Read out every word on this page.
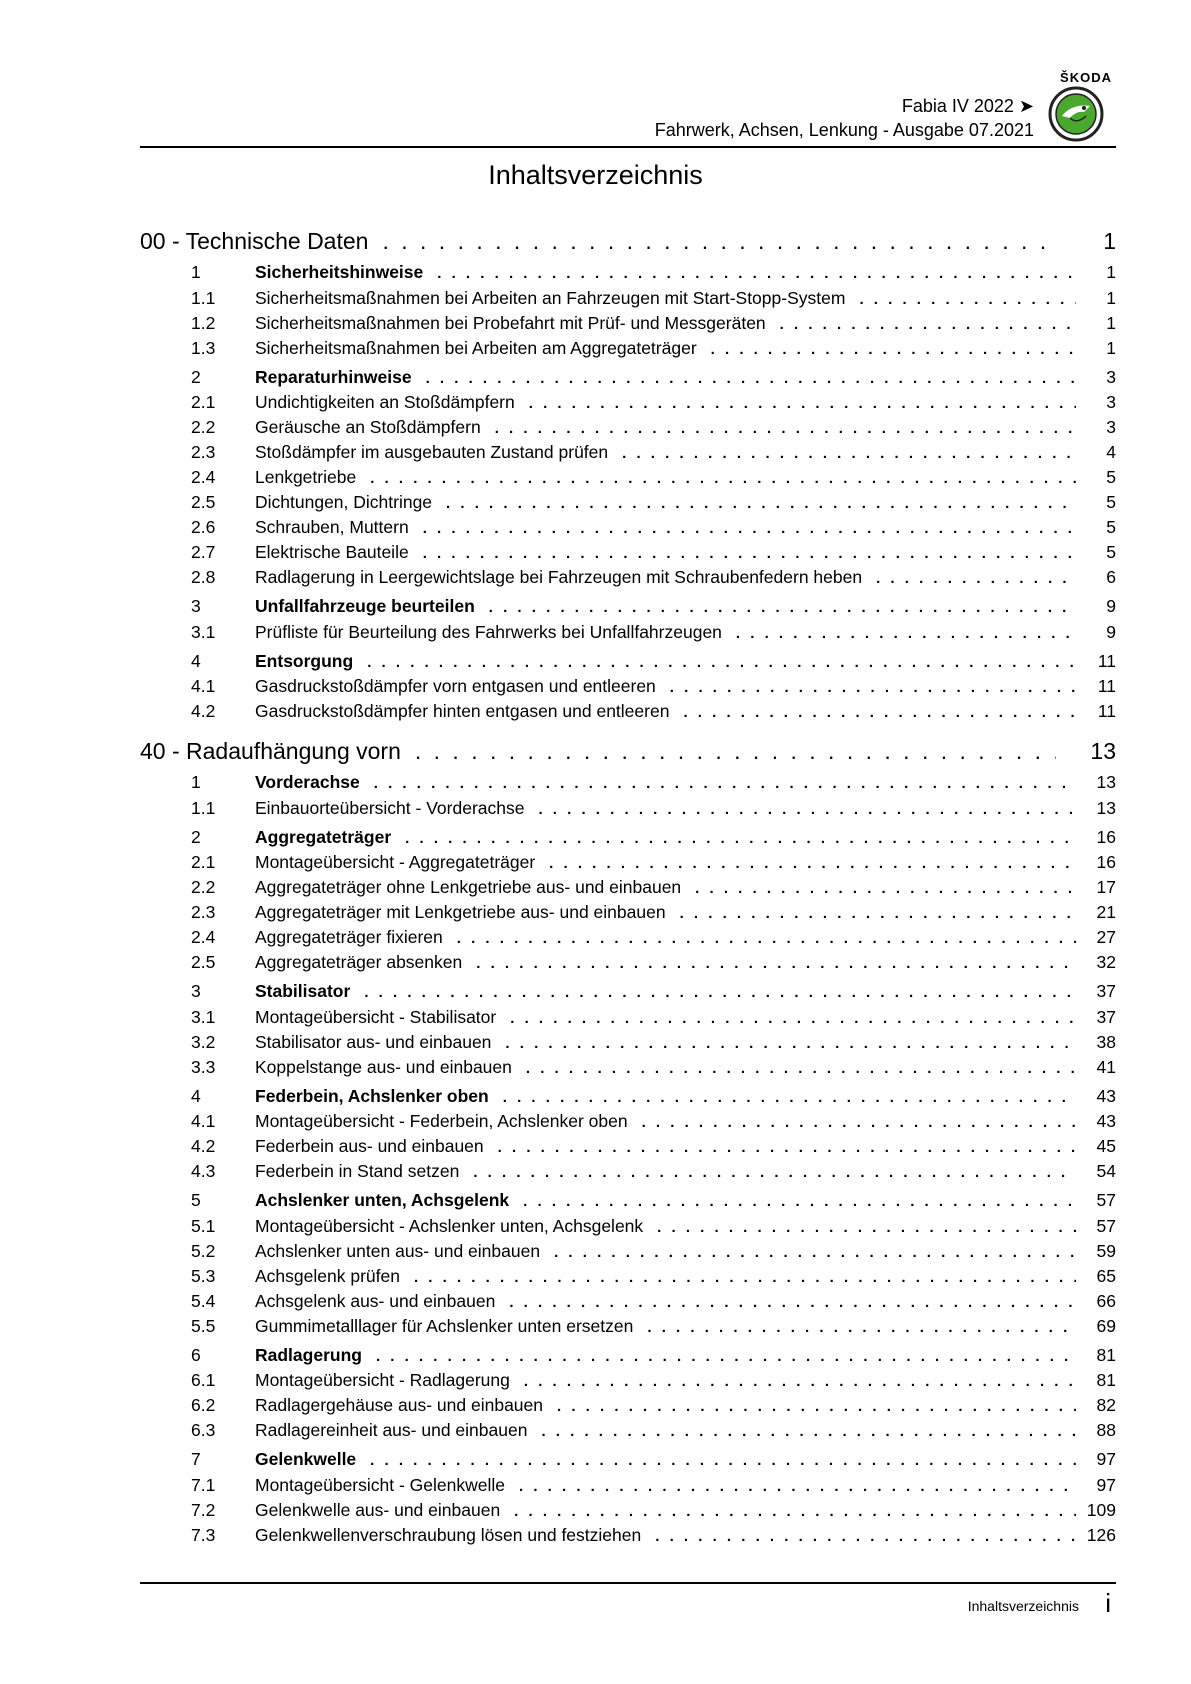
ŠKODA
Fabia IV 2022 ➤
Fahrwerk, Achsen, Lenkung - Ausgabe 07.2021
Inhaltsverzeichnis
00 - Technische Daten . . .	1
1	Sicherheitshinweise . . .	1
1.1	Sicherheitsmaßnahmen bei Arbeiten an Fahrzeugen mit Start-Stopp-System . . .	1
1.2	Sicherheitsmaßnahmen bei Probefahrt mit Prüf- und Messgeräten . . .	1
1.3	Sicherheitsmaßnahmen bei Arbeiten am Aggregateträger . . .	1
2	Reparaturhinweise . . .	3
2.1	Undichtigkeiten an Stoßdämpfern . . .	3
2.2	Geräusche an Stoßdämpfern . . .	3
2.3	Stoßdämpfer im ausgebauten Zustand prüfen . . .	4
2.4	Lenkgetriebe . . .	5
2.5	Dichtungen, Dichtringe . . .	5
2.6	Schrauben, Muttern . . .	5
2.7	Elektrische Bauteile . . .	5
2.8	Radlagerung in Leergewichtslage bei Fahrzeugen mit Schraubenfedern heben . . .	6
3	Unfallfahrzeuge beurteilen . . .	9
3.1	Prüfliste für Beurteilung des Fahrwerks bei Unfallfahrzeugen . . .	9
4	Entsorgung . . .	11
4.1	Gasdruckstoßdämpfer vorn entgasen und entleeren . . .	11
4.2	Gasdruckstoßdämpfer hinten entgasen und entleeren . . .	11
40 - Radaufhängung vorn . . .	13
1	Vorderachse . . .	13
1.1	Einbauorteübersicht - Vorderachse . . .	13
2	Aggregateträger . . .	16
2.1	Montageübersicht - Aggregateträger . . .	16
2.2	Aggregateträger ohne Lenkgetriebe aus- und einbauen . . .	17
2.3	Aggregateträger mit Lenkgetriebe aus- und einbauen . . .	21
2.4	Aggregateträger fixieren . . .	27
2.5	Aggregateträger absenken . . .	32
3	Stabilisator . . .	37
3.1	Montageübersicht - Stabilisator . . .	37
3.2	Stabilisator aus- und einbauen . . .	38
3.3	Koppelstange aus- und einbauen . . .	41
4	Federbein, Achslenker oben . . .	43
4.1	Montageübersicht - Federbein, Achslenker oben . . .	43
4.2	Federbein aus- und einbauen . . .	45
4.3	Federbein in Stand setzen . . .	54
5	Achslenker unten, Achsgelenk . . .	57
5.1	Montageübersicht - Achslenker unten, Achsgelenk . . .	57
5.2	Achslenker unten aus- und einbauen . . .	59
5.3	Achsgelenk prüfen . . .	65
5.4	Achsgelenk aus- und einbauen . . .	66
5.5	Gummimetalllager für Achslenker unten ersetzen . . .	69
6	Radlagerung . . .	81
6.1	Montageübersicht - Radlagerung . . .	81
6.2	Radlagergehäuse aus- und einbauen . . .	82
6.3	Radlagereinheit aus- und einbauen . . .	88
7	Gelenkwelle . . .	97
7.1	Montageübersicht - Gelenkwelle . . .	97
7.2	Gelenkwelle aus- und einbauen . . .	109
7.3	Gelenkwellenverschraubung lösen und festziehen . . .	126
Inhaltsverzeichnis i
